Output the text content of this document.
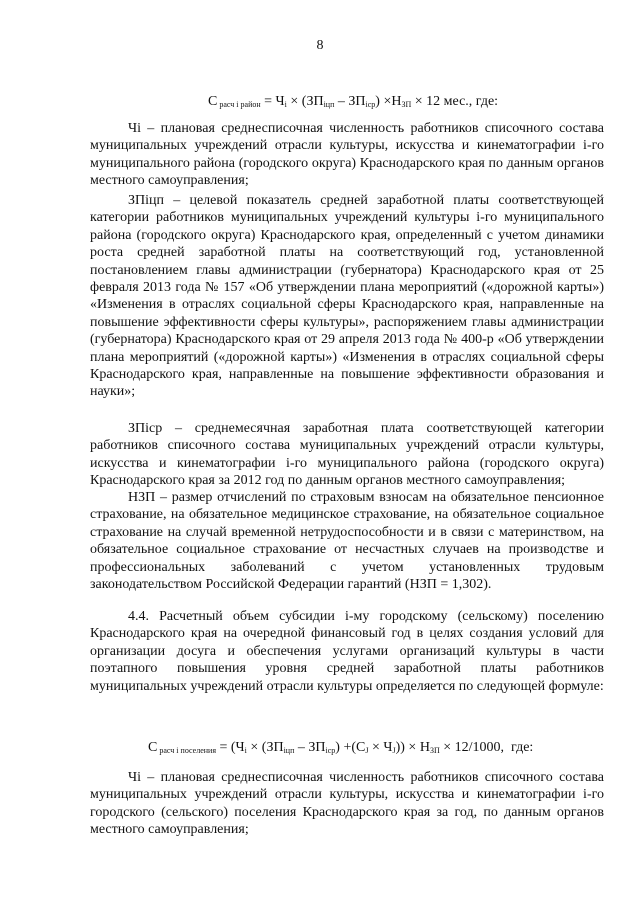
8
С $_{расч i район} = Ч_i \times (ЗП_{iцп} - ЗП_{icp}) \times Н_{ЗП} \times 12$ мес., где:

Чi – плановая среднесписочная численность работников списочного состава муниципальных учреждений отрасли культуры, искусства и кинематографии i-го муниципального района (городского округа) Краснодарского края по данным органов местного самоуправления;

ЗПiцп – целевой показатель средней заработной платы соответствующей категории работников муниципальных учреждений культуры i-го муниципального района (городского округа) Краснодарского края, определенный с учетом динамики роста средней заработной платы на соответствующий год, установленной постановлением главы администрации (губернатора) Краснодарского края от 25 февраля 2013 года № 157 «Об утверждении плана мероприятий («дорожной карты») «Изменения в отраслях социальной сферы Краснодарского края, направленные на повышение эффективности сферы культуры», распоряжением главы администрации (губернатора) Краснодарского края от 29 апреля 2013 года № 400-р «Об утверждении плана мероприятий («дорожной карты») «Изменения в отраслях социальной сферы Краснодарского края, направленные на повышение эффективности образования и науки»;

ЗПicp – среднемесячная заработная плата соответствующей категории работников списочного состава муниципальных учреждений отрасли культуры, искусства и кинематографии i-го муниципального района (городского округа) Краснодарского края за 2012 год по данным органов местного самоуправления;

НЗП – размер отчислений по страховым взносам на обязательное пенсионное страхование, на обязательное медицинское страхование, на обязательное социальное страхование на случай временной нетрудоспособности и в связи с материнством, на обязательное социальное страхование от несчастных случаев на производстве и профессиональных заболеваний с учетом установленных трудовым законодательством Российской Федерации гарантий (НЗП = 1,302).

4.4. Расчетный объем субсидии i-му городскому (сельскому) поселению Краснодарского края на очередной финансовый год в целях создания условий для организации досуга и обеспечения услугами организаций культуры в части поэтапного повышения уровня средней заработной платы работников муниципальных учреждений отрасли культуры определяется по следующей формуле:

С $_{расч i поселения} = (Ч_i \times (ЗП_{iцп} - ЗП_{icp}) +(С_J \times Ч_J)) \times Н_{ЗП} \times 12/1000$,  где:

Чi – плановая среднесписочная численность работников списочного состава муниципальных учреждений отрасли культуры, искусства и кинематографии i-го городского (сельского) поселения Краснодарского края за год, по данным органов местного самоуправления;
